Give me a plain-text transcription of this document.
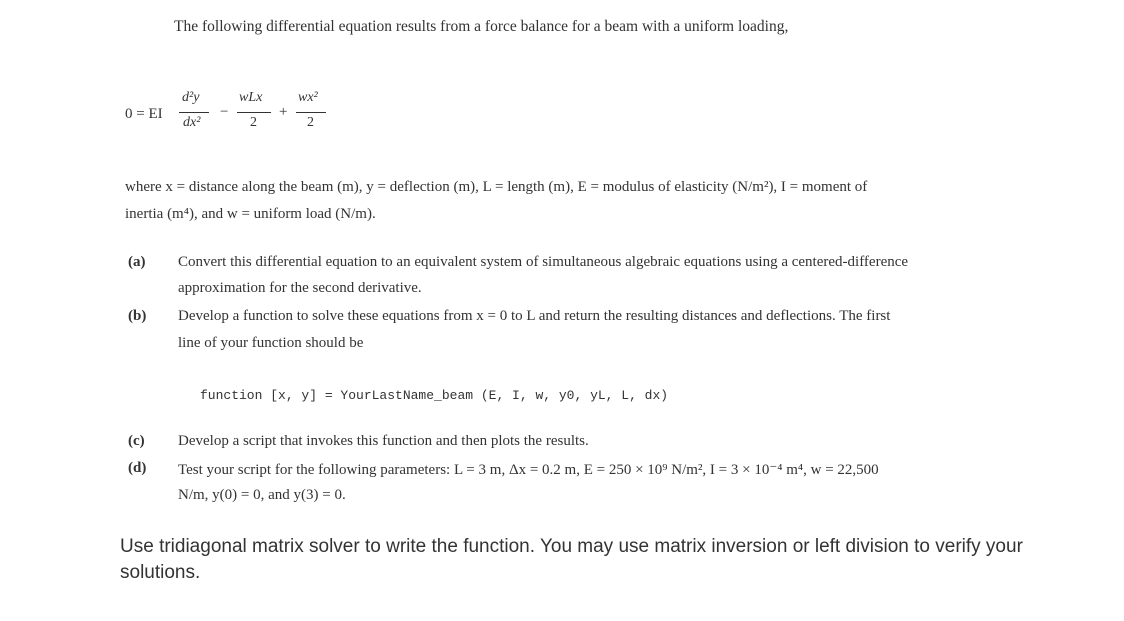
The following differential equation results from a force balance for a beam with a uniform loading,
0 = EI
d²y
dx²
−
wLx
2
+
wx²
2
where x = distance along the beam (m), y = deflection (m), L = length (m), E = modulus of elasticity (N/m²), I = moment of
inertia (m⁴), and w = uniform load (N/m).
(a) Convert this differential equation to an equivalent system of simultaneous algebraic equations using a centered-difference
approximation for the second derivative.
(b) Develop a function to solve these equations from x = 0 to L and return the resulting distances and deflections. The first
line of your function should be
function [x, y] = YourLastName_beam (E, I, w, y0, yL, L, dx)
(c) Develop a script that invokes this function and then plots the results.
(d) Test your script for the following parameters: L = 3 m, Δx = 0.2 m, E = 250 × 10⁹ N/m², I = 3 × 10⁻⁴ m⁴, w = 22,500
N/m, y(0) = 0, and y(3) = 0.
Use tridiagonal matrix solver to write the function. You may use matrix inversion or left division to verify your solutions.
